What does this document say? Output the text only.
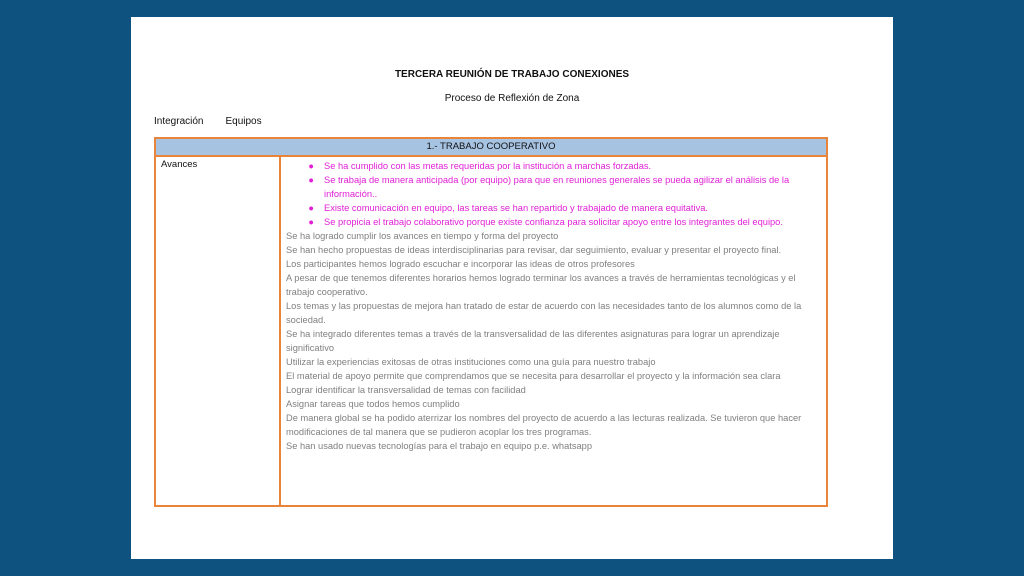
TERCERA REUNIÓN DE TRABAJO CONEXIONES
Proceso de Reflexión de Zona
Integración Equipos
1.- TRABAJO COOPERATIVO
Avances	● Se ha cumplido con las metas requeridas por la institución a marchas forzadas.
● Se trabaja de manera anticipada (por equipo) para que en reuniones generales se pueda agilizar el análisis de la información..
● Existe comunicación en equipo, las tareas se han repartido y trabajado de manera equitativa.
● Se propicia el trabajo colaborativo porque existe confianza para solicitar apoyo entre los integrantes del equipo.

Se ha logrado cumplir los avances en tiempo y forma del proyecto

Se han hecho propuestas de ideas interdisciplinarias para revisar, dar seguimiento, evaluar y presentar el proyecto final.

Los participantes hemos logrado escuchar e incorporar las ideas de otros profesores

A pesar de que tenemos diferentes horarios hemos logrado terminar los avances a través de herramientas tecnológicas y el trabajo cooperativo.

Los temas y las propuestas de mejora han tratado de estar de acuerdo con las necesidades tanto de los alumnos como de la sociedad.

Se ha integrado diferentes temas a través de la transversalidad de las diferentes asignaturas para lograr un aprendizaje significativo

Utilizar la experiencias exitosas de otras instituciones como una guía para nuestro trabajo

El material de apoyo permite que comprendamos que se necesita para desarrollar el proyecto y la información sea clara

Lograr identificar la transversalidad de temas con facilidad

Asignar tareas que todos hemos cumplido

De manera global se ha podido aterrizar los nombres del proyecto de acuerdo a las lecturas realizada. Se tuvieron que hacer modificaciones de tal manera que se pudieron acoplar los tres programas.

Se han usado nuevas tecnologías para el trabajo en equipo p.e. whatsapp
